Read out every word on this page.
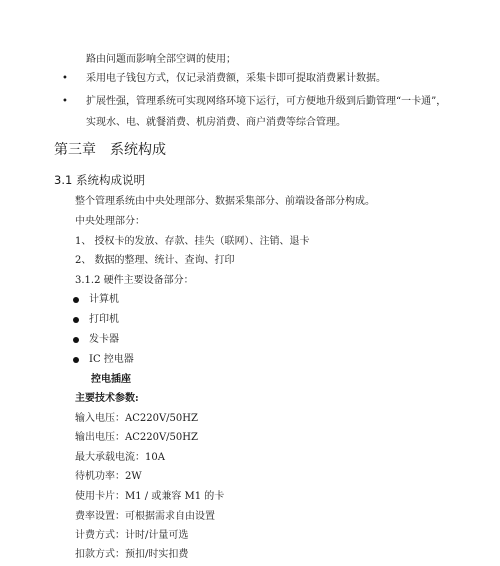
路由问题而影响全部空调的使用；
• 采用电子钱包方式，仅记录消费额，采集卡即可提取消费累计数据。
• 扩展性强，管理系统可实现网络环境下运行，可方便地升级到后勤管理“一卡通”，
实现水、电、就餐消费、机房消费、商户消费等综合管理。
第三章　系统构成
3.1 系统构成说明
整个管理系统由中央处理部分、数据采集部分、前端设备部分构成。
中央处理部分：
1、 授权卡的发放、存款、挂失（联网）、注销、退卡
2、 数据的整理、统计、查询、打印
3.1.2 硬件主要设备部分：
计算机
打印机
发卡器
IC 控电器
控电插座
主要技术参数:
输入电压：AC220V/50HZ
输出电压：AC220V/50HZ
最大承载电流：10A
待机功率：2W
使用卡片：M1 / 或兼容 M1 的卡
费率设置：可根据需求自由设置
计费方式：计时/计量可选
扣款方式：预扣/时实扣费
